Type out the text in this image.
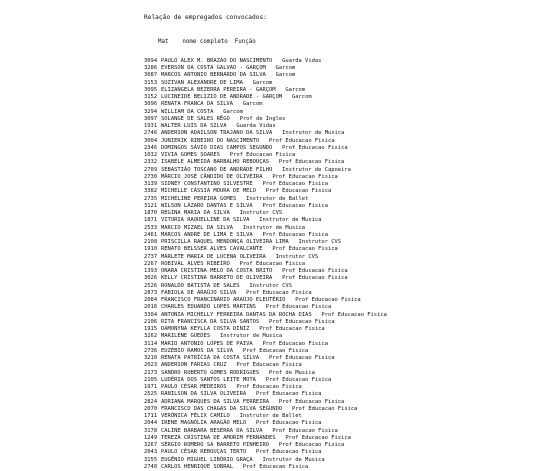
Relação de empregados convocados:

Mat nome completo Função

3094 PAULO ALEX M. BRAZAO DO NASCIMENTO
Guarda Vidas
3286 EVERSON DA COSTA GALVAO - GARÇOM
Garcom
3087 MARCOS ANTONIO BERNARDO DA SILVA
Garcom
3153 SUZIVAN ALEXANDRE DE LIMA
Garcom
3095 ELIZANGELA BEZERRA PEREIRA - GARÇOM
Garcom
3152 LUCINEIDE BELIZIO DE ANDRADE - GARÇOM
Garcom
3096 RENATA FRANCA DA SILVA
Garcom
3294 WILLIAM DA COSTA
Garcom
3097 SOLANGE DE SALES RÊGO
Prof de Ingles
1931 WALTER LUIS DA SILVA
Guarda Vidas
2746 ANDERSON ADAILSON TRAJANO DA SILVA
Instrutor de Musica
3004 JUNIERIK RIBEIRO DO NASCIMENTO
Prof Educacao Fisica
2346 DOMINGOS SÁVIO DIAS CAMPOS SEGUNDO
Prof Educacao Fisica
1032 VIVIA GOMES SOARES
Prof Educacao Fisica
2332 ISABELE ALMEIDA BARBALHO REBOUÇAS
Prof Educacao Fisica
2709 SEBASTIÃO TOSCANO DE ANDRADE FILHO
Instrutor de Capoeira
2730 MÁRCIO JOSÉ CÂNDIDO DE OLIVEIRA
Prof Educacao Fisica
3139 SIDNEY CONSTANTINO SILVESTRE
Prof Educacao Fisica
3382 MICHELLE CÁSSIA MOURA DE MELO
Prof Educacao Fisica
2735 MICHELINE PEREIRA GOMES
Instrutor de Ballet
3121 WILSON LÁZARO DANTAS E SILVA
Prof Educacao Fisica
1870 REGINA MARIA DA SILVA
Instrutor CVS
1871 VITORIA RAQUELLINE DA SILVA
Instrutor de Musica
2533 MARCIO MIZAEL DA SILVA
Instrutor de Musica
2461 MARCOS ANDRE DE LIMA E SILVA
Prof Educacao Fisica
2108 PRISCILLA RAQUEL MENDONÇA OLIVEIRA LIMA
Instrutor CVS
1910 RENATO BELSSER ALVES CAVALCANTE
Prof Educacao Fisica
2737 MARLETE MARIA DE LUCENA OLIVEIRA
Instrutor CVS
2267 ROBIVAL ALVES RIBEIRO
Prof Educacao Fisica
1393 ONARA CRISTINA MELO DA COSTA BRITO
Prof Educacao Fisica
3026 KELLY CRISTINA BARRETO DE OLIVEIRA
Prof Educacao Fisica
2526 RONALDO BATISTA DE SALES
Instrutor CVS
2873 FABIOLA DE ARAÚJO SILVA
Prof Educacao Fisica
2084 FRANCISCO FRANCINÁRIO ARAÚJO ELEUTÉRIO
Prof Educacao Fisica
2016 CHARLES EDUARDO LOPES MARTINS
Prof Educacao Fisica
3304 ANTONIA MICHELLY FERREIRA DANTAS DA ROCHA DIAS
Prof Educacao Fisica
2106 RITA FRANCISCA DA SILVA SANTOS
Prof Educacao Fisica
1915 DAMONYNA KEYLLA COSTA DINIZ
Prof Educacao Fisica
3262 MARILENE GUEDES
Instrutor de Musica
3114 MARIO ANTONIO LOPES DE PAIVA
Prof Educacao Fisica
2736 EUZÉBIO RAMOS DA SILVA
Prof Educacao Fisica
3210 RENATA PATRÍCIA DA COSTA SILVA
Prof Educacao Fisica
2023 ANDERSON FARIAS CRUZ
Prof Educacao Fisica
2173 SANDRO ROBERTO GOMES RODRIGUES
Prof de Musica
2105 LUDÉRIA DOS SANTOS LEITE MOTA
Prof Educacao Fisica
1971 PAULO CÉSAR MEDEIROS
Prof Educacao Fisica
2525 RANILSON DA SILVA OLIVEIRA
Prof Educacao Fisica
2824 ADRIANA MARQUES DA SILVA FERREIRA
Prof Educacao Fisica
2070 FRANCISCO DAS CHAGAS DA SILVA SEGUNDO
Prof Educacao Fisica
1711 VERÔNICA FÉLIX CAMILO
Instrutor de Ballet
2044 IRENE MAGNÓLIA ARAGÃO MELO
Prof Educacao Fisica
3178 CALINE BÁRBARA BESERRA DA SILVA
Prof Educacao Fisica
1249 TEREZA CRISTINA DE AMORIM FERNANDES
Prof Educacao Fisica
3267 SÉRGIO ROMERO SA BARRETO PINHEIRO
Prof Educacao Fisica
2043 PAULO CÉSAR REBOUÇAS TERTO
Prof Educacao Fisica
3155 EUGÊNIO MIGUEL LIBÓRIO GRAÇA
Instrutor de Musica
2740 CARLOS HENRIQUE SOBRAL
Prof Educacao Fisica
